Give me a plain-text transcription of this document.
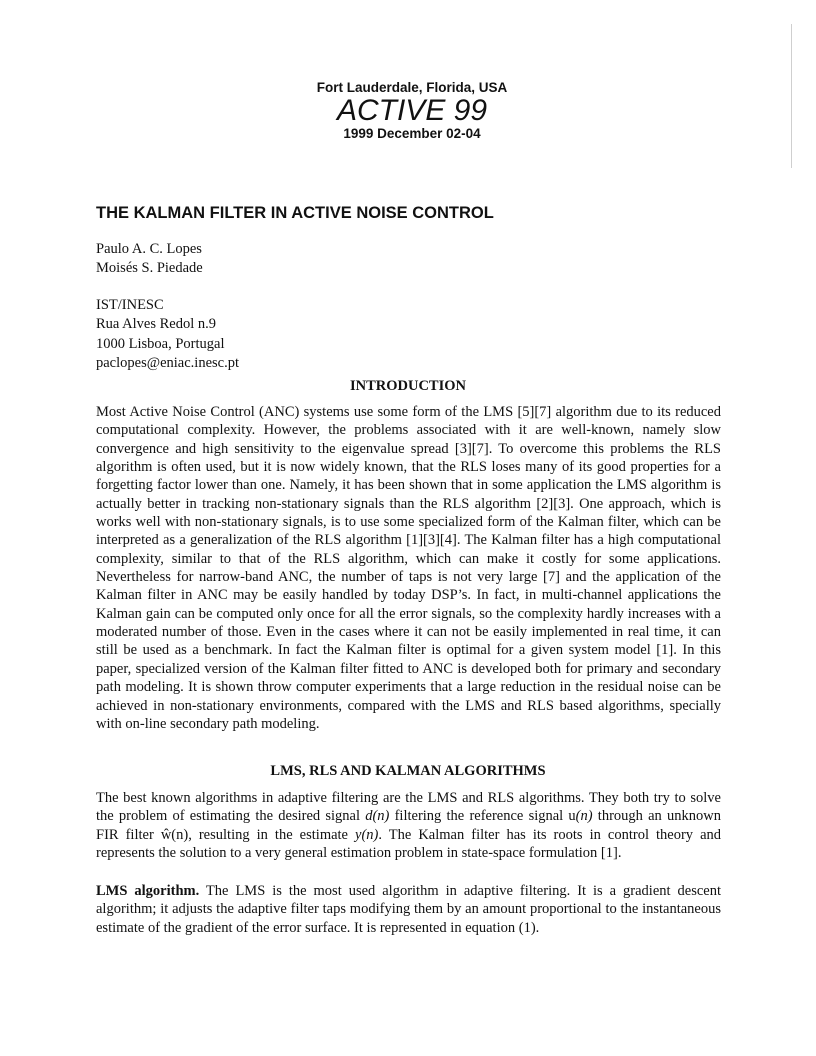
Fort Lauderdale, Florida, USA
ACTIVE 99
1999 December 02-04
THE KALMAN FILTER IN ACTIVE NOISE CONTROL
Paulo A. C. Lopes
Moisés S. Piedade
IST/INESC
Rua Alves Redol n.9
1000 Lisboa, Portugal
paclopes@eniac.inesc.pt
INTRODUCTION

Most Active Noise Control (ANC) systems use some form of the LMS [5][7] algorithm due to its reduced computational complexity. However, the problems associated with it are well-known, namely slow convergence and high sensitivity to the eigenvalue spread [3][7]. To overcome this problems the RLS algorithm is often used, but it is now widely known, that the RLS loses many of its good properties for a forgetting factor lower than one. Namely, it has been shown that in some application the LMS algorithm is actually better in tracking non-stationary signals than the RLS algorithm [2][3]. One approach, which is works well with non-stationary signals, is to use some specialized form of the Kalman filter, which can be interpreted as a generalization of the RLS algorithm [1][3][4]. The Kalman filter has a high computational complexity, similar to that of the RLS algorithm, which can make it costly for some applications. Nevertheless for narrow-band ANC, the number of taps is not very large [7] and the application of the Kalman filter in ANC may be easily handled by today DSP’s. In fact, in multi-channel applications the Kalman gain can be computed only once for all the error signals, so the complexity hardly increases with a moderated number of those. Even in the cases where it can not be easily implemented in real time, it can still be used as a benchmark. In fact the Kalman filter is optimal for a given system model [1]. In this paper, specialized version of the Kalman filter fitted to ANC is developed both for primary and secondary path modeling. It is shown throw computer experiments that a large reduction in the residual noise can be achieved in non-stationary environments, compared with the LMS and RLS based algorithms, specially with on-line secondary path modeling.

LMS, RLS AND KALMAN ALGORITHMS

The best known algorithms in adaptive filtering are the LMS and RLS algorithms. They both try to solve the problem of estimating the desired signal d(n) filtering the reference signal u(n) through an unknown FIR filter ŵ(n), resulting in the estimate y(n). The Kalman filter has its roots in control theory and represents the solution to a very general estimation problem in state-space formulation [1].

LMS algorithm. The LMS is the most used algorithm in adaptive filtering. It is a gradient descent algorithm; it adjusts the adaptive filter taps modifying them by an amount proportional to the instantaneous estimate of the gradient of the error surface. It is represented in equation (1).
